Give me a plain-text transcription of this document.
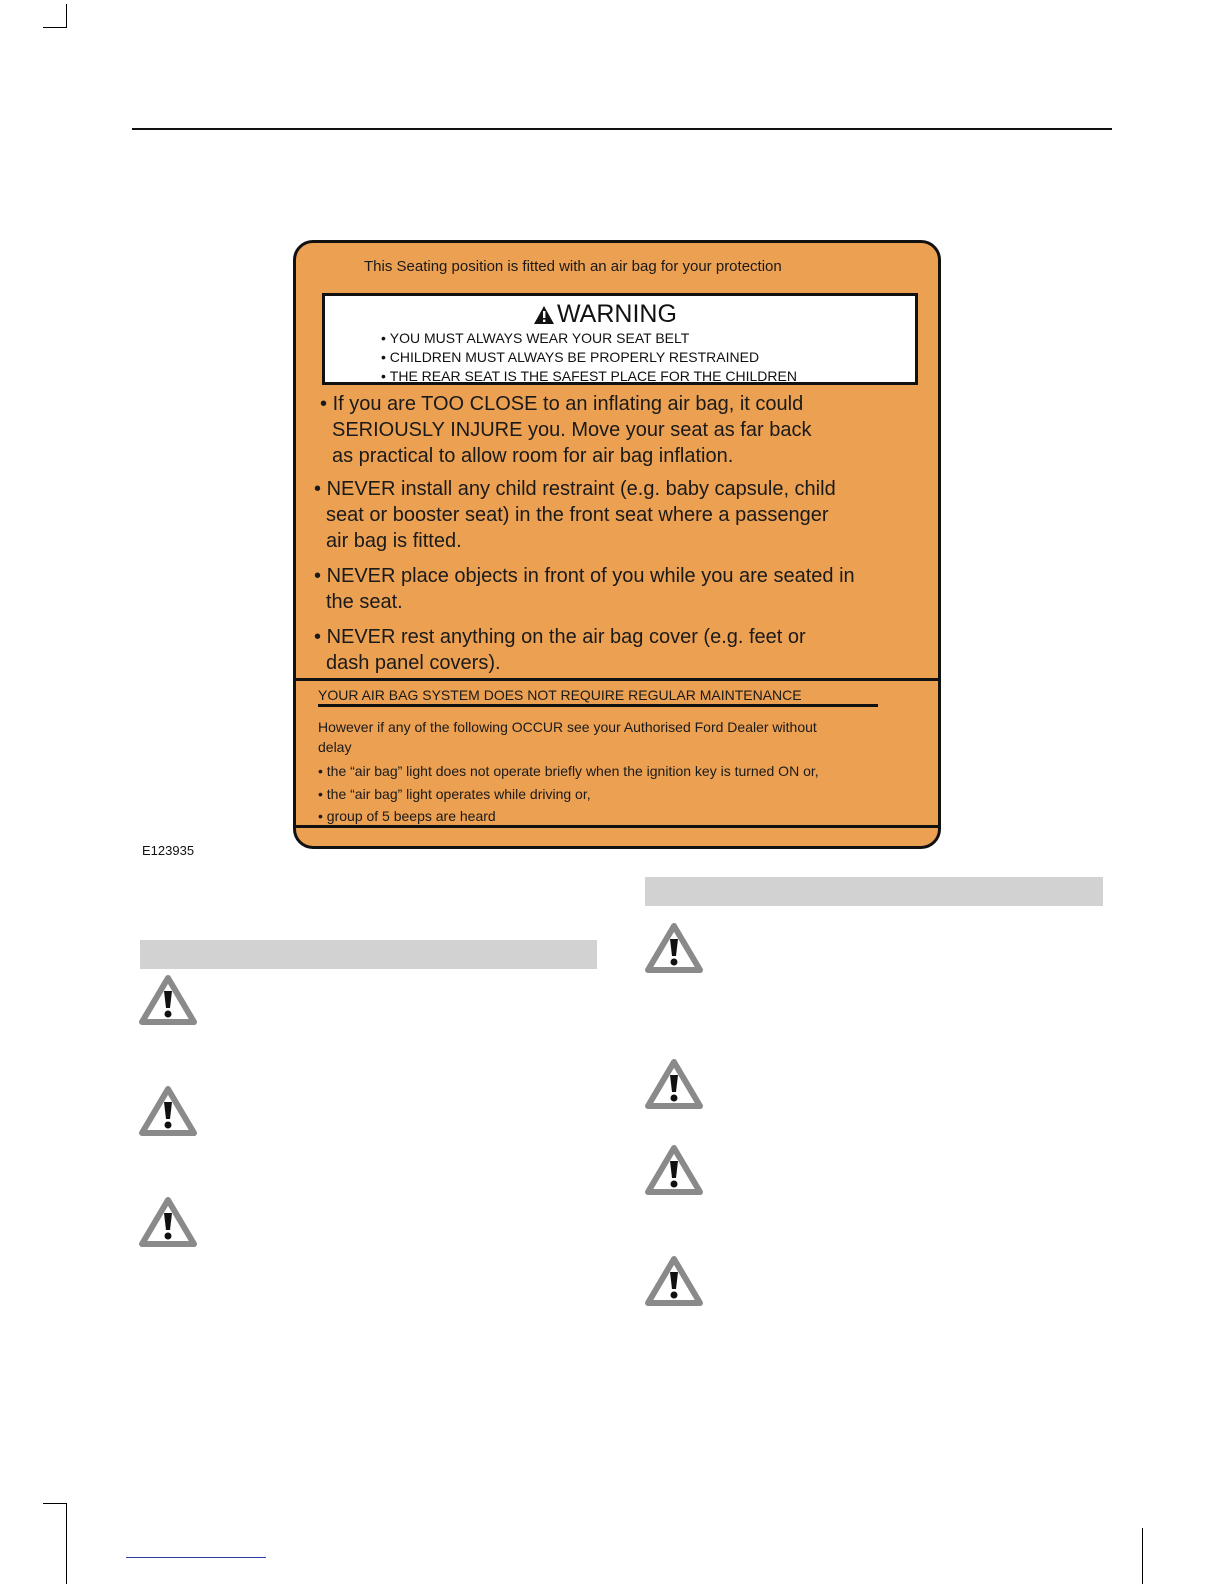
This Seating position is fitted with an air bag for your protection
WARNING
• YOU MUST ALWAYS WEAR YOUR SEAT BELT
• CHILDREN MUST ALWAYS BE PROPERLY RESTRAINED
• THE REAR SEAT IS THE SAFEST PLACE FOR THE CHILDREN

• If you are TOO CLOSE to an inflating air bag, it could SERIOUSLY INJURE you. Move your seat as far back as practical to allow room for air bag inflation.

• NEVER install any child restraint (e.g. baby capsule, child seat or booster seat) in the front seat where a passenger air bag is fitted.

• NEVER place objects in front of you while you are seated in the seat.

• NEVER rest anything on the air bag cover (e.g. feet or dash panel covers).

YOUR AIR BAG SYSTEM DOES NOT REQUIRE REGULAR MAINTENANCE

However if any of the following OCCUR see your Authorised Ford Dealer without delay

• the “air bag” light does not operate briefly when the ignition key is turned ON or,
• the “air bag” light operates while driving or,
• group of 5 beeps are heard
E123935
